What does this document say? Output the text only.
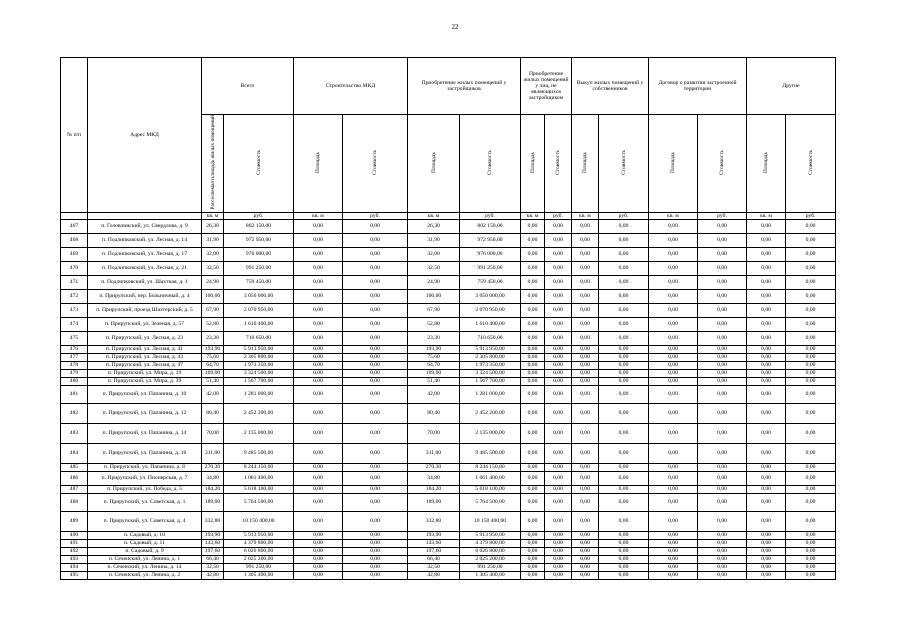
22
№ п/п	Адрес МКД	Всего		Строительство МКД		Приобретение жилых помещений у застройщиков		Приобретение жилых помещений у лиц, не являющихся застройщиком		Выкуп жилых помещений у собственников		Договор о развитии застроенной территории		Другие	
		Расселяемая площадь жилых помещений	Стоимость	Площадь	Стоимость	Площадь	Стоимость	Площадь	Стоимость	Площадь	Стоимость	Площадь	Стоимость	Площадь	Стоимость
		кв. м	руб.	кв. м	руб.	кв. м	руб.	кв. м	руб.	кв. м	руб.	кв. м	руб.	кв. м	руб.
467	п. Головлинский, ул. Свердлова, д. 9	26,30	802 150,00	0,00	0,00	26,30	802 150,00	0,00	0,00	0,00	0,00	0,00	0,00	0,00	0,00
468	п. Подлипковский, ул. Лесная, д. 14	31,90	972 950,00	0,00	0,00	31,90	972 950,00	0,00	0,00	0,00	0,00	0,00	0,00	0,00	0,00
469	п. Подлипковский, ул. Лесная, д. 17	32,00	976 000,00	0,00	0,00	32,00	976 000,00	0,00	0,00	0,00	0,00	0,00	0,00	0,00	0,00
470	п. Подлипковский, ул. Лесная, д. 21	32,50	991 250,00	0,00	0,00	32,50	991 250,00	0,00	0,00	0,00	0,00	0,00	0,00	0,00	0,00
471	п. Подлипковский, ул. Шахтная, д. 1	24,90	759 450,00	0,00	0,00	24,90	759 450,00	0,00	0,00	0,00	0,00	0,00	0,00	0,00	0,00
472	п. Прирупский, пер. Больничный, д. 4	100,00	3 050 000,00	0,00	0,00	100,00	3 050 000,00	0,00	0,00	0,00	0,00	0,00	0,00	0,00	0,00
473	п. Прирупский, проезд Шахтерский, д. 5	67,90	2 070 950,00	0,00	0,00	67,90	2 070 950,00	0,00	0,00	0,00	0,00	0,00	0,00	0,00	0,00
474	п. Прирупский, ул. Зеленая, д. 57	52,80	1 610 400,00	0,00	0,00	52,80	1 610 400,00	0,00	0,00	0,00	0,00	0,00	0,00	0,00	0,00
475	п. Прирупский, ул. Лесная, д. 23	23,30	710 650,00	0,00	0,00	23,30	710 650,00	0,00	0,00	0,00	0,00	0,00	0,00	0,00	0,00
476	п. Прирупский, ул. Лесная, д. 41	193,90	5 913 950,00	0,00	0,00	193,90	5 913 950,00	0,00	0,00	0,00	0,00	0,00	0,00	0,00	0,00
477	п. Прирупский, ул. Лесная, д. 43	75,60	2 305 800,00	0,00	0,00	75,60	2 305 800,00	0,00	0,00	0,00	0,00	0,00	0,00	0,00	0,00
478	п. Прирупский, ул. Лесная, д. 47	64,70	1 973 350,00	0,00	0,00	64,70	1 973 350,00	0,00	0,00	0,00	0,00	0,00	0,00	0,00	0,00
479	п. Прирупский, ул. Мира, д. 19	109,00	3 324 500,00	0,00	0,00	109,00	3 324 500,00	0,00	0,00	0,00	0,00	0,00	0,00	0,00	0,00
480	п. Прирупский, ул. Мира, д. 39	51,40	1 567 700,00	0,00	0,00	51,40	1 567 700,00	0,00	0,00	0,00	0,00	0,00	0,00	0,00	0,00
481	п. Прирупский, ул. Папанина, д. 10	42,00	1 281 000,00	0,00	0,00	42,00	1 281 000,00	0,00	0,00	0,00	0,00	0,00	0,00	0,00	0,00
482	п. Прирупский, ул. Папанина, д. 12	80,40	2 452 200,00	0,00	0,00	80,40	2 452 200,00	0,00	0,00	0,00	0,00	0,00	0,00	0,00	0,00
483	п. Прирупский, ул. Папанина, д. 14	70,00	2 135 000,00	0,00	0,00	70,00	2 135 000,00	0,00	0,00	0,00	0,00	0,00	0,00	0,00	0,00
484	п. Прирупский, ул. Папанина, д. 16	311,00	9 485 500,00	0,00	0,00	311,00	9 485 500,00	0,00	0,00	0,00	0,00	0,00	0,00	0,00	0,00
485	п. Прирупский, ул. Папанина, д. 8	270,30	8 244 150,00	0,00	0,00	270,30	8 244 150,00	0,00	0,00	0,00	0,00	0,00	0,00	0,00	0,00
486	п. Прирупский, ул. Пионерская, д. 7	34,80	1 061 400,00	0,00	0,00	34,80	1 061 400,00	0,00	0,00	0,00	0,00	0,00	0,00	0,00	0,00
487	п. Прирупский, ул. Победа, д. 5	184,20	5 618 100,00	0,00	0,00	184,20	5 618 100,00	0,00	0,00	0,00	0,00	0,00	0,00	0,00	0,00
488	п. Прирупский, ул. Советская, д. 1	189,00	5 764 500,00	0,00	0,00	189,00	5 764 500,00	0,00	0,00	0,00	0,00	0,00	0,00	0,00	0,00
489	п. Прирупский, ул. Советская, д. 4	332,80	10 150 400,00	0,00	0,00	332,80	10 150 400,00	0,00	0,00	0,00	0,00	0,00	0,00	0,00	0,00
490	п. Садовый, д. 10	193,90	5 913 950,00	0,00	0,00	193,90	5 913 950,00	0,00	0,00	0,00	0,00	0,00	0,00	0,00	0,00
491	п. Садовый, д. 11	143,60	4 379 800,00	0,00	0,00	143,60	4 379 800,00	0,00	0,00	0,00	0,00	0,00	0,00	0,00	0,00
492	п. Садовый, д. 9	197,60	6 026 800,00	0,00	0,00	197,60	6 026 800,00	0,00	0,00	0,00	0,00	0,00	0,00	0,00	0,00
493	п. Сеченский, ул. Ленина, д. 1	66,40	2 025 200,00	0,00	0,00	66,40	2 025 200,00	0,00	0,00	0,00	0,00	0,00	0,00	0,00	0,00
494	п. Сеченский, ул. Ленина, д. 14	32,50	991 250,00	0,00	0,00	32,50	991 250,00	0,00	0,00	0,00	0,00	0,00	0,00	0,00	0,00
495	п. Сеченский, ул. Ленина, д. 2	42,80	1 305 400,00	0,00	0,00	42,80	1 305 400,00	0,00	0,00	0,00	0,00	0,00	0,00	0,00	0,00
